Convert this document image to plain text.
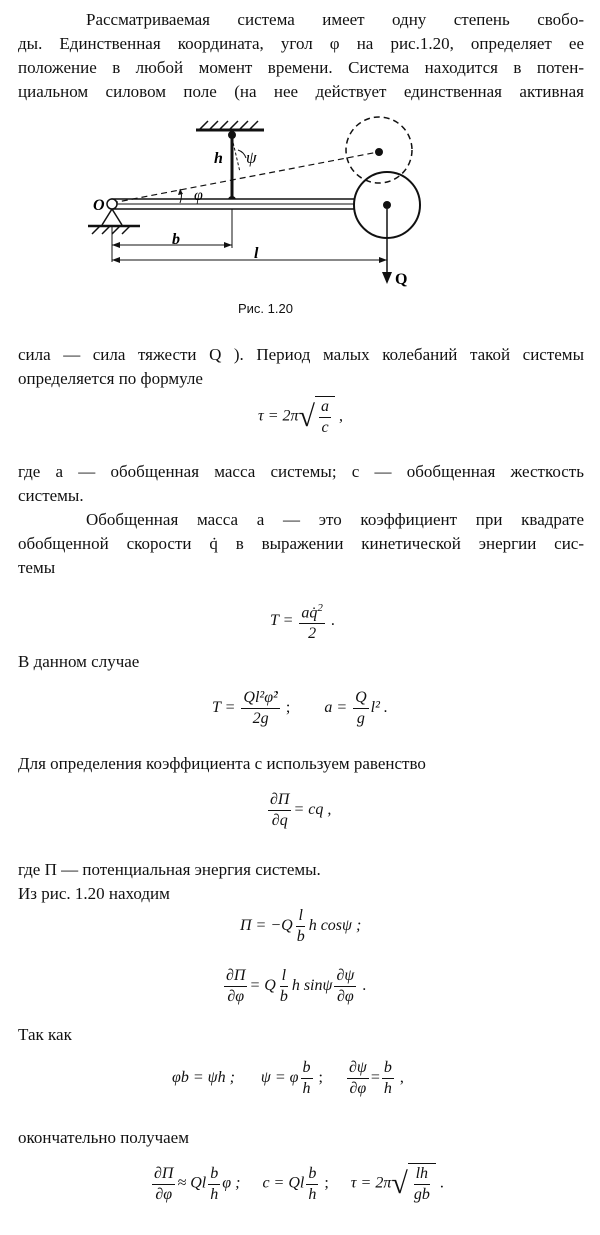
Рассматриваемая система имеет одну степень свобо-

ды. Единственная координата, угол φ на рис.1.20, определяет ее

положение в любой момент времени. Система находится в потен-

циальном силовом поле (на нее действует единственная активная

O
h ψ
φ
b
l
Q
Рис. 1.20

сила — сила тяжести Q ). Период малых колебаний такой системы

определяется по формуле

τ = 2π √ $\frac{a}{c}$ ,

где a — обобщенная масса системы; c — обобщенная жесткость

системы.

Обобщенная масса a — это коэффициент при квадрате

обобщенной скорости q̇ в выражении кинетической энергии сис-

темы

$T = \frac{aq̇^2}{2}$ .

В данном случае

$T = \frac{\text{Ql²φ̇²}}{2g}$ ; $a = \frac{Q}{g} l^2$ .

Для определения коэффициента c используем равенство

$\frac{\partial\Pi}{\partial q}$ = cq ,

где Π — потенциальная энергия системы.

Из рис. 1.20 находим

$\Pi = -Q \frac{l}{b}$ h cosψ ;
$\frac{\partial\Pi}{\partial\varphi} = Q \frac{l}{b}$ h sinψ $\frac{\partial\psi}{\partial\varphi}$ .

Так как

φb = ψh ; ψ = φ $\frac{b}{h}$ ; $\frac{\partial\psi}{\partial\varphi} = \frac{b}{h}$ ,

окончательно получаем

$\frac{\partial\Pi}{\partial\varphi} \approx Ql \frac{b}{h}$ φ ; c = Ql $\frac{b}{h}$ ; τ = 2π √ $\frac{lh}{gb}$ .
